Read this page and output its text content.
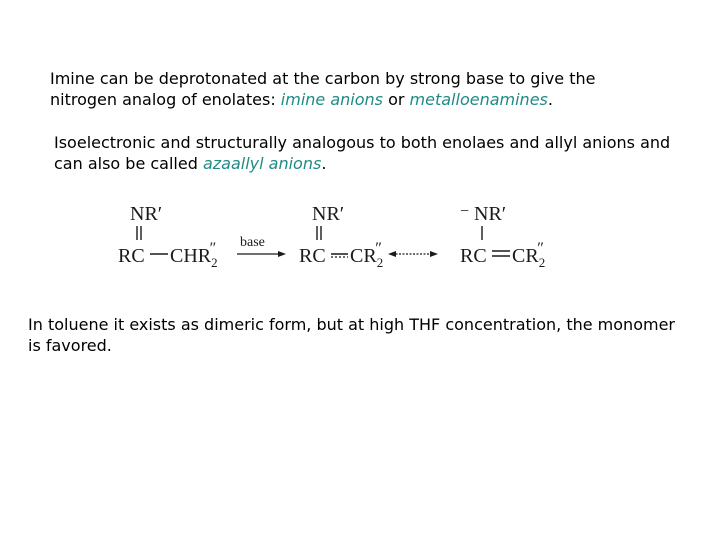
Imine can be deprotonated at the carbon by strong base to give the
nitrogen analog of enolates: imine anions or metalloenamines.

Isoelectronic and structurally analogous to both enolaes and allyl anions and
can also be called azaallyl anions.

NR′
RC $CHR_2''$ base
NR′
RC $CR_2''$
− NR′
RC $CR_2''$

In toluene it exists as dimeric form, but at high THF concentration, the monomer
is favored.
